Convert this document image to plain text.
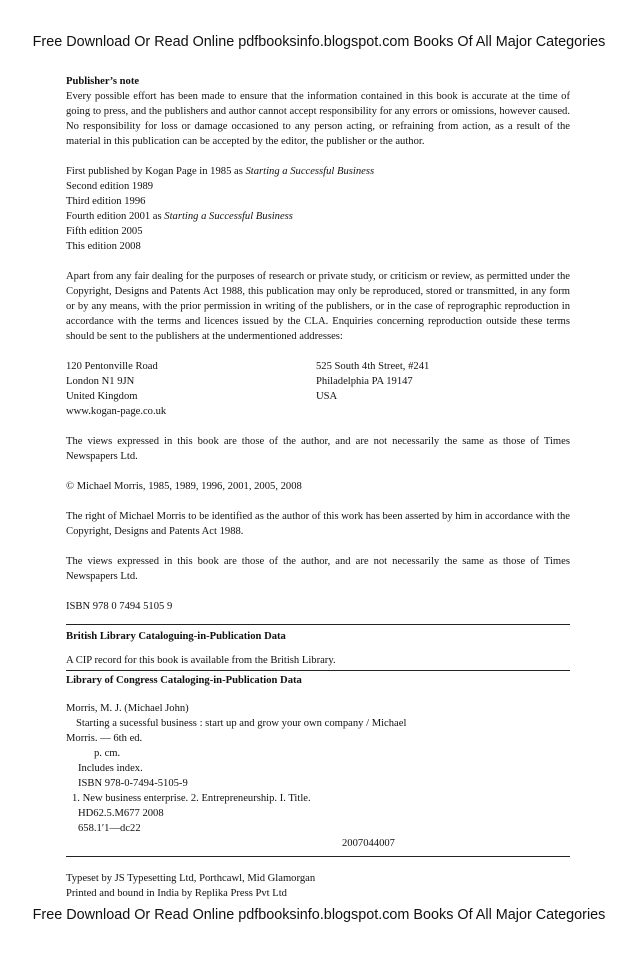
Free Download Or Read Online pdfbooksinfo.blogspot.com Books Of All Major Categories

Publisher’s note

Every possible effort has been made to ensure that the information contained in this book is accurate at the time of going to press, and the publishers and author cannot accept responsibility for any errors or omissions, however caused. No responsibility for loss or damage occasioned to any person acting, or refraining from action, as a result of the material in this publication can be accepted by the editor, the publisher or the author.

First published by Kogan Page in 1985 as Starting a Successful Business

Second edition 1989

Third edition 1996

Fourth edition 2001 as Starting a Successful Business

Fifth edition 2005

This edition 2008

Apart from any fair dealing for the purposes of research or private study, or criticism or review, as permitted under the Copyright, Designs and Patents Act 1988, this publication may only be reproduced, stored or transmitted, in any form or by any means, with the prior permission in writing of the publishers, or in the case of reprographic reproduction in accordance with the terms and licences issued by the CLA. Enquiries concerning reproduction outside these terms should be sent to the publishers at the undermentioned addresses:

120 Pentonville Road

London N1 9JN

United Kingdom

www.kogan-page.co.uk

525 South 4th Street, #241

Philadelphia PA 19147

USA

The views expressed in this book are those of the author, and are not necessarily the same as those of Times Newspapers Ltd.

© Michael Morris, 1985, 1989, 1996, 2001, 2005, 2008

The right of Michael Morris to be identified as the author of this work has been asserted by him in accordance with the Copyright, Designs and Patents Act 1988.

The views expressed in this book are those of the author, and are not necessarily the same as those of Times Newspapers Ltd.

ISBN 978 0 7494 5105 9

British Library Cataloguing-in-Publication Data

A CIP record for this book is available from the British Library.

Library of Congress Cataloging-in-Publication Data

Morris, M. J. (Michael John)

Starting a sucessful business : start up and grow your own company / Michael

Morris. — 6th ed.

p. cm.

Includes index.

ISBN 978-0-7494-5105-9

1. New business enterprise. 2. Entrepreneurship. I. Title.

HD62.5.M677 2008

658.1′1—dc22

2007044007

Typeset by JS Typesetting Ltd, Porthcawl, Mid Glamorgan

Printed and bound in India by Replika Press Pvt Ltd

Free Download Or Read Online pdfbooksinfo.blogspot.com Books Of All Major Categories
